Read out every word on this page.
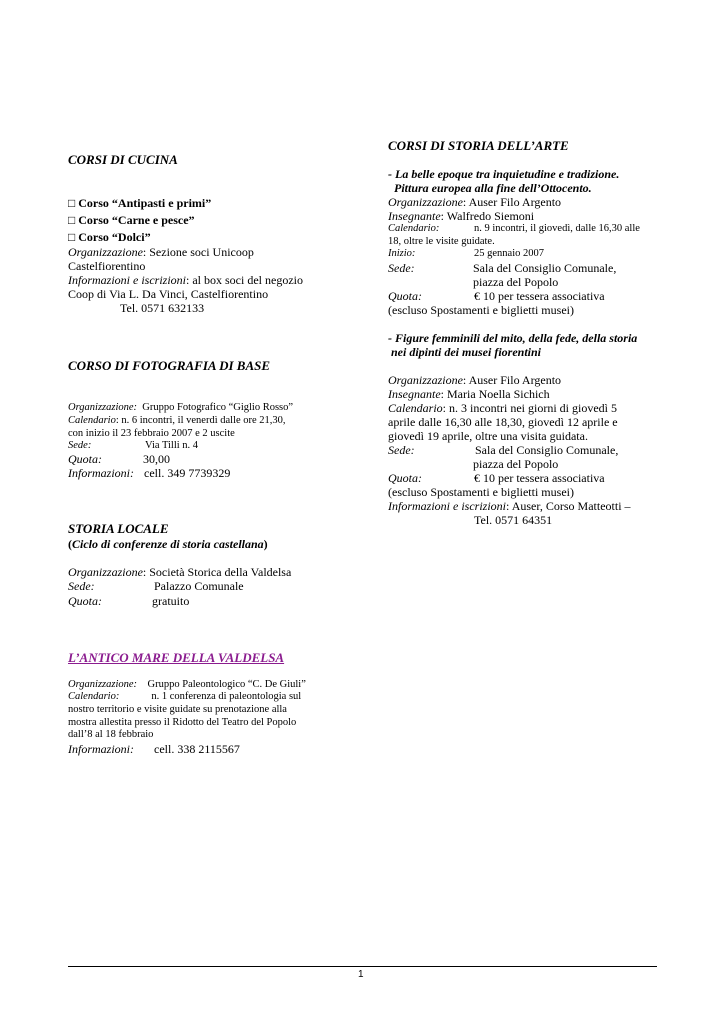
CORSI DI CUCINA
□ Corso “Antipasti e primi”
□ Corso “Carne e pesce”
□ Corso “Dolci”
Organizzazione: Sezione soci Unicoop
Castelfiorentino
Informazioni e iscrizioni: al box soci del negozio
Coop di Via L. Da Vinci, Castelfiorentino
Tel. 0571 632133
CORSO DI FOTOGRAFIA DI BASE
Organizzazione: Gruppo Fotografico “Giglio Rosso”
Calendario: n. 6 incontri, il venerdì dalle ore 21,30,
con inizio il 23 febbraio 2007 e 2 uscite
Sede:	Via Tilli n. 4
Quota:	30,00
Informazioni: cell. 349 7739329
STORIA LOCALE
(Ciclo di conferenze di storia castellana)
Organizzazione: Società Storica della Valdelsa
Sede:	Palazzo Comunale
Quota:	gratuito
L’ANTICO MARE DELLA VALDELSA
Organizzazione: Gruppo Paleontologico “C. De Giuli”
Calendario:	n. 1 conferenza di paleontologia sul
nostro territorio e visite guidate su prenotazione alla
mostra allestita presso il Ridotto del Teatro del Popolo
dall’8 al 18 febbraio
Informazioni: cell. 338 2115567
CORSI DI STORIA DELL’ARTE
- La belle epoque tra inquietudine e tradizione.
Pittura europea alla fine dell’Ottocento.
Organizzazione: Auser Filo Argento
Insegnante: Walfredo Siemoni
Calendario:	n. 9 incontri, il giovedì, dalle 16,30 alle
18, oltre le visite guidate.
Inizio:	25 gennaio 2007
Sede:	Sala del Consiglio Comunale,
piazza del Popolo
Quota:	€ 10 per tessera associativa
(escluso Spostamenti e biglietti musei)
- Figure femminili del mito, della fede, della storia
nei dipinti dei musei fiorentini
Organizzazione: Auser Filo Argento
Insegnante: Maria Noella Sichich
Calendario: n. 3 incontri nei giorni di giovedì 5
aprile dalle 16,30 alle 18,30, giovedì 12 aprile e
giovedì 19 aprile, oltre una visita guidata.
Sede:	Sala del Consiglio Comunale,
piazza del Popolo
Quota:	€ 10 per tessera associativa
(escluso Spostamenti e biglietti musei)
Informazioni e iscrizioni: Auser, Corso Matteotti –
Tel. 0571 64351
1
